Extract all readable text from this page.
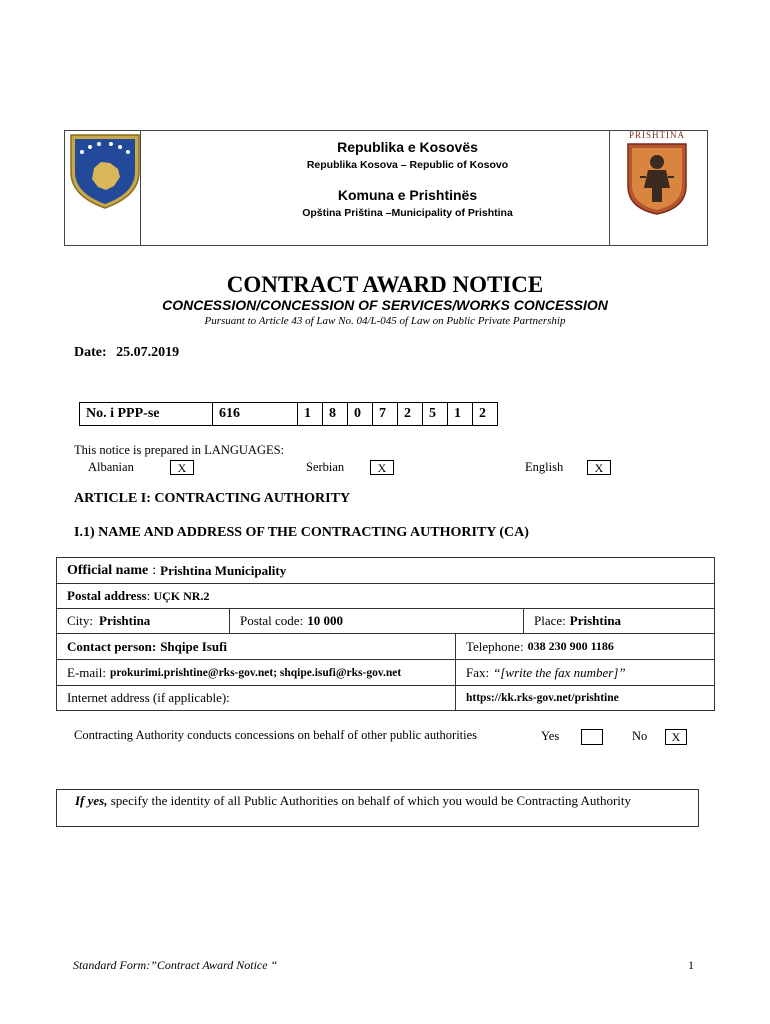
Republika e Kosovës
Republika Kosova – Republic of Kosovo
Komuna e Prishtinës
Opština Priština –Municipality of Prishtina
PRISHTINA
CONTRACT AWARD NOTICE
CONCESSION/CONCESSION OF SERVICES/WORKS CONCESSION
Pursuant to Article 43 of Law No. 04/L-045 of Law on Public Private Partnership
Date: 25.07.2019
No. i PPP-se	616	1	8	0	7	2	5	1	2
This notice is prepared in LANGUAGES:
Albanian	X	Serbian	X	English	X
ARTICLE I: CONTRACTING AUTHORITY
I.1) NAME AND ADDRESS OF THE CONTRACTING AUTHORITY (CA)
Official name : Prishtina Municipality
Postal address : UÇK NR.2
City: Prishtina	Postal code: 10 000	Place: Prishtina
Contact person: Shqipe Isufi	Telephone: 038 230 900 1186
E-mail: prokurimi.prishtine@rks-gov.net; shqipe.isufi@rks-gov.net	Fax: “[write the fax number]”
Internet address (if applicable):	https://kk.rks-gov.net/prishtine
Contracting Authority conducts concessions on behalf of other public authorities	Yes	No	X
If yes, specify the identity of all Public Authorities on behalf of which you would be Contracting Authority
Standard Form:”Contract Award Notice “	1
